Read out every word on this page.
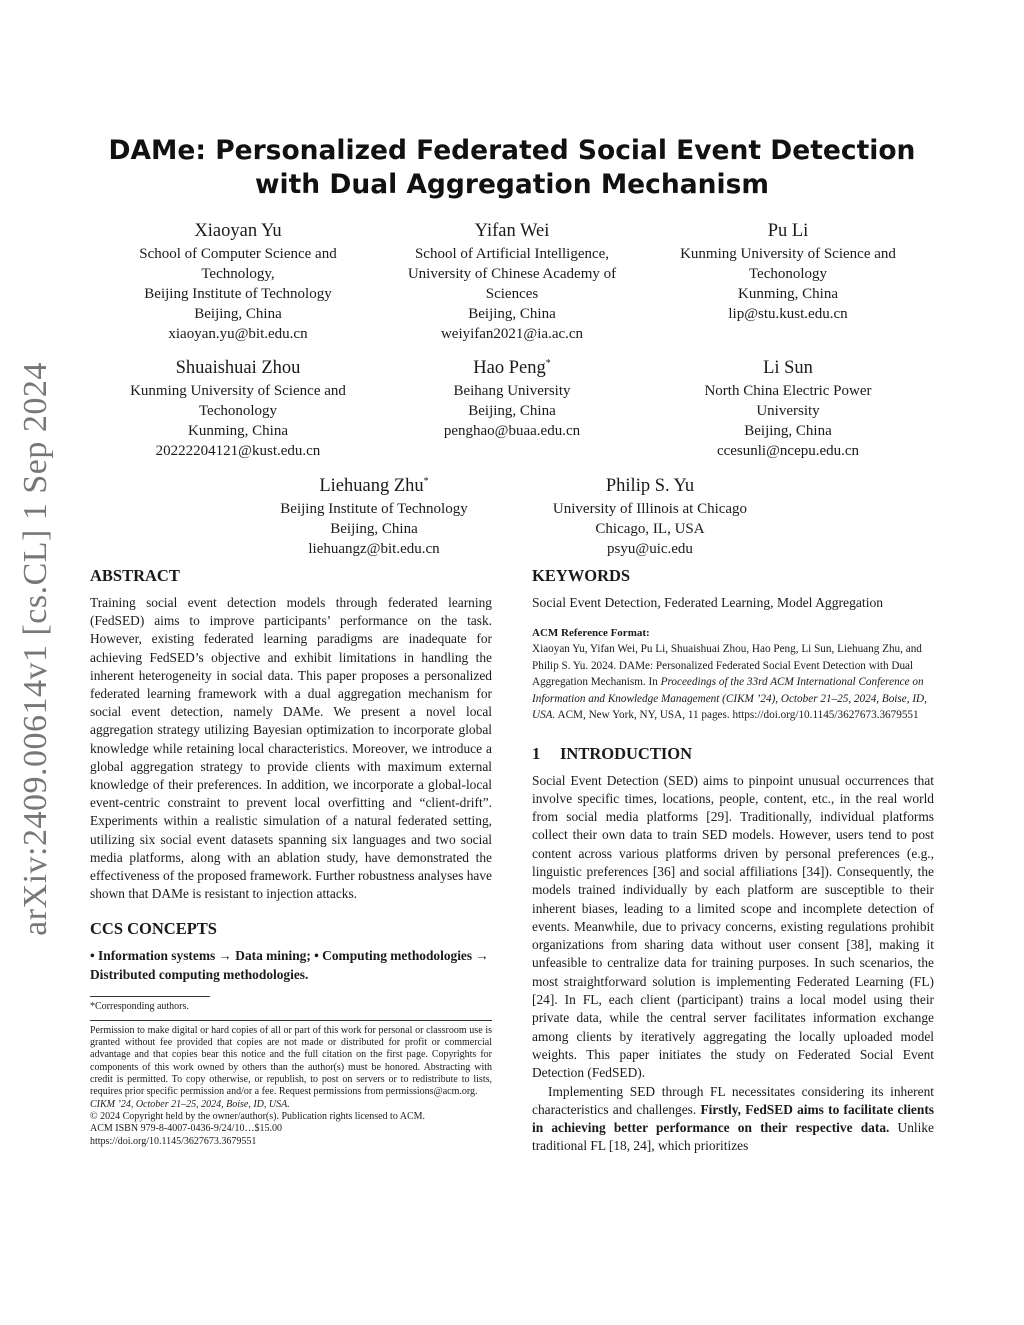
arXiv:2409.00614v1 [cs.CL] 1 Sep 2024
DAMe: Personalized Federated Social Event Detection with Dual Aggregation Mechanism
Xiaoyan Yu
School of Computer Science and
Technology,
Beijing Institute of Technology
Beijing, China
xiaoyan.yu@bit.edu.cn
Yifan Wei
School of Artificial Intelligence,
University of Chinese Academy of
Sciences
Beijing, China
weiyifan2021@ia.ac.cn
Pu Li
Kunming University of Science and
Techonology
Kunming, China
lip@stu.kust.edu.cn
Shuaishuai Zhou
Kunming University of Science and
Techonology
Kunming, China
20222204121@kust.edu.cn
Hao Peng*
Beihang University
Beijing, China
penghao@buaa.edu.cn
Li Sun
North China Electric Power
University
Beijing, China
ccesunli@ncepu.edu.cn
Liehuang Zhu*
Beijing Institute of Technology
Beijing, China
liehuangz@bit.edu.cn
Philip S. Yu
University of Illinois at Chicago
Chicago, IL, USA
psyu@uic.edu
ABSTRACT

Training social event detection models through federated learning (FedSED) aims to improve participants’ performance on the task. However, existing federated learning paradigms are inadequate for achieving FedSED’s objective and exhibit limitations in handling the inherent heterogeneity in social data. This paper proposes a personalized federated learning framework with a dual aggregation mechanism for social event detection, namely DAMe. We present a novel local aggregation strategy utilizing Bayesian optimization to incorporate global knowledge while retaining local characteristics. Moreover, we introduce a global aggregation strategy to provide clients with maximum external knowledge of their preferences. In addition, we incorporate a global-local event-centric constraint to prevent local overfitting and “client-drift”. Experiments within a realistic simulation of a natural federated setting, utilizing six social event datasets spanning six languages and two social media platforms, along with an ablation study, have demonstrated the effectiveness of the proposed framework. Further robustness analyses have shown that DAMe is resistant to injection attacks.

CCS CONCEPTS

• Information systems → Data mining; • Computing methodologies → Distributed computing methodologies.

*Corresponding authors.
Permission to make digital or hard copies of all or part of this work for personal or classroom use is granted without fee provided that copies are not made or distributed for profit or commercial advantage and that copies bear this notice and the full citation on the first page. Copyrights for components of this work owned by others than the author(s) must be honored. Abstracting with credit is permitted. To copy otherwise, or republish, to post on servers or to redistribute to lists, requires prior specific permission and/or a fee. Request permissions from permissions@acm.org.
CIKM ’24, October 21–25, 2024, Boise, ID, USA.
© 2024 Copyright held by the owner/author(s). Publication rights licensed to ACM.
ACM ISBN 979-8-4007-0436-9/24/10…$15.00
https://doi.org/10.1145/3627673.3679551
KEYWORDS

Social Event Detection, Federated Learning, Model Aggregation

ACM Reference Format:

Xiaoyan Yu, Yifan Wei, Pu Li, Shuaishuai Zhou, Hao Peng, Li Sun, Liehuang Zhu, and Philip S. Yu. 2024. DAMe: Personalized Federated Social Event Detection with Dual Aggregation Mechanism. In Proceedings of the 33rd ACM International Conference on Information and Knowledge Management (CIKM ’24), October 21–25, 2024, Boise, ID, USA. ACM, New York, NY, USA, 11 pages. https://doi.org/10.1145/3627673.3679551

1 INTRODUCTION

Social Event Detection (SED) aims to pinpoint unusual occurrences that involve specific times, locations, people, content, etc., in the real world from social media platforms [29]. Traditionally, individual platforms collect their own data to train SED models. However, users tend to post content across various platforms driven by personal preferences (e.g., linguistic preferences [36] and social affiliations [34]). Consequently, the models trained individually by each platform are susceptible to their inherent biases, leading to a limited scope and incomplete detection of events. Meanwhile, due to privacy concerns, existing regulations prohibit organizations from sharing data without user consent [38], making it unfeasible to centralize data for training purposes. In such scenarios, the most straightforward solution is implementing Federated Learning (FL) [24]. In FL, each client (participant) trains a local model using their private data, while the central server facilitates information exchange among clients by iteratively aggregating the locally uploaded model weights. This paper initiates the study on Federated Social Event Detection (FedSED).

Implementing SED through FL necessitates considering its inherent characteristics and challenges. Firstly, FedSED aims to facilitate clients in achieving better performance on their respective data. Unlike traditional FL [18, 24], which prioritizes
